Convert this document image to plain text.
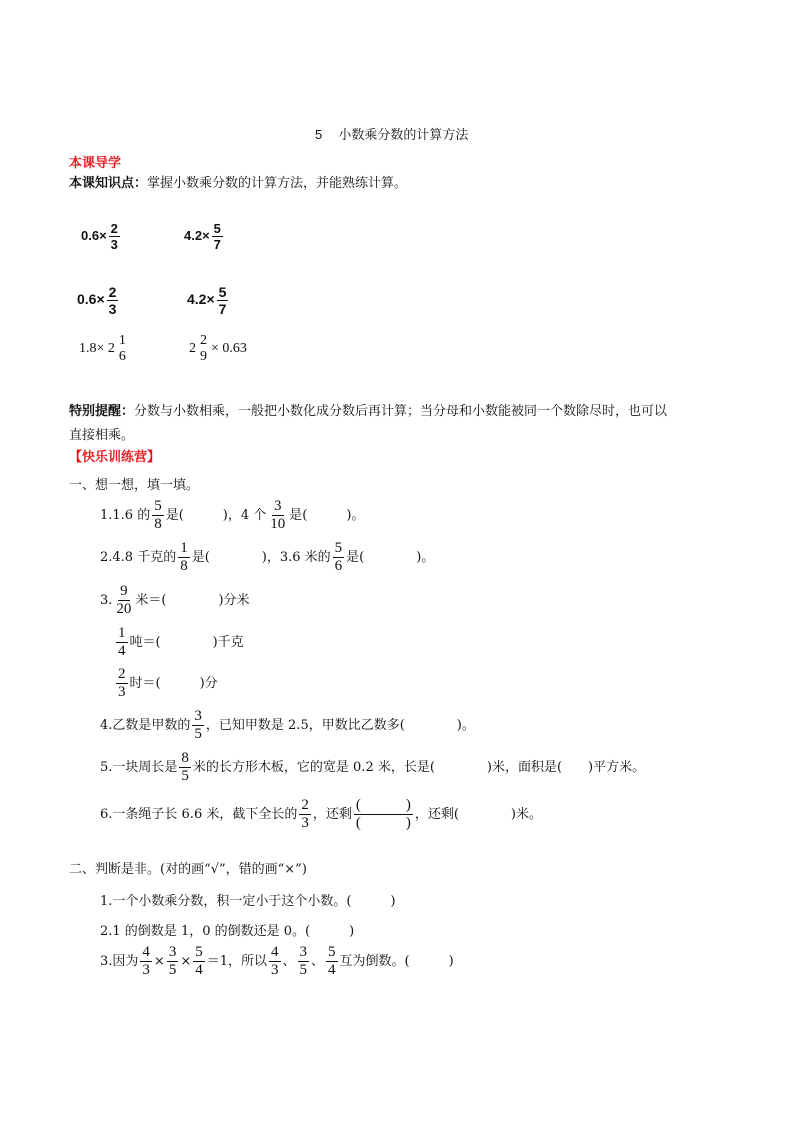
5 小数乘分数的计算方法
本课导学
本课知识点：掌握小数乘分数的计算方法，并能熟练计算。
$0.6\times \frac{2}{3}$	$4.2\times \frac{5}{7}$
$0.6\times \frac{2}{3}$	$4.2\times \frac{5}{7}$
1.8× 2
1
6
2
2
9
× 0.63
特别提醒：分数与小数相乘，一般把小数化成分数后再计算；当分母和小数能被同一个数除尽时，也可以
直接相乘。
【快乐训练营】
一、想一想，填一填。
1.1.6 的 $\frac{5}{8}$ 是(　　　)，4 个 $\frac{3}{10}$ 是(　　　)。
2.4.8 千克的 $\frac{1}{8}$ 是(　　　　)，3.6 米的 $\frac{5}{6}$ 是(　　　　)。
3. $\frac{9}{20}$ 米＝(　　　　)分米
$\frac{1}{4}$ 吨＝(　　　　)千克
$\frac{2}{3}$ 时＝(　　　)分
4.乙数是甲数的 $\frac{3}{5}$ ，已知甲数是 2.5，甲数比乙数多(　　　　)。
5.一块周长是 $\frac{8}{5}$ 米的长方形木板，它的宽是 0.2 米，长是(　　　　)米，面积是(　　)平方米。
6.一条绳子长 6.6 米，截下全长的 $\frac{2}{3}$ ，还剩 $\frac{( )}{( )}$ ，还剩(　　　　)米。
二、判断是非。(对的画“√”，错的画“×”)
1.一个小数乘分数，积一定小于这个小数。(　　　)
2.1 的倒数是 1，0 的倒数还是 0。(　　　)
3.因为 $\frac{4}{3} \times \frac{3}{5} \times \frac{5}{4} =1$，所以 $\frac{4}{3}$ 、 $\frac{3}{5}$ 、 $\frac{5}{4}$ 互为倒数。(　　　)
